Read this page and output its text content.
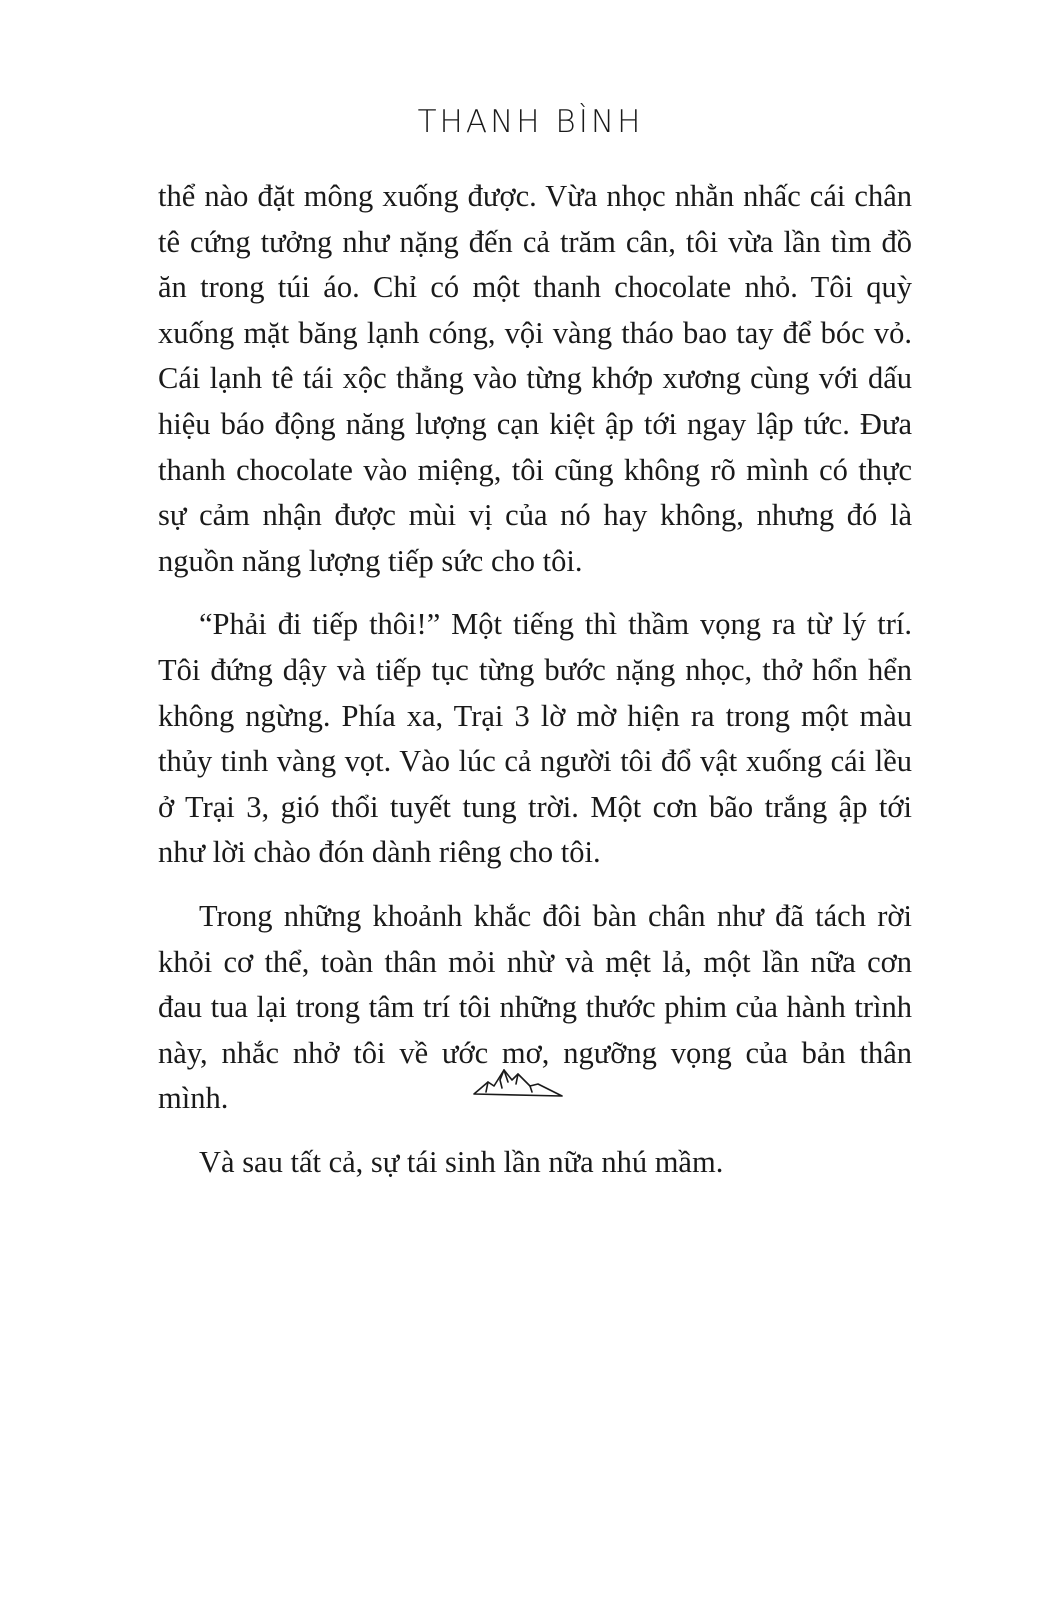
THANH BÌNH

thể nào đặt mông xuống được. Vừa nhọc nhằn nhấc cái chân tê cứng tưởng như nặng đến cả trăm cân, tôi vừa lần tìm đồ ăn trong túi áo. Chỉ có một thanh chocolate nhỏ. Tôi quỳ xuống mặt băng lạnh cóng, vội vàng tháo bao tay để bóc vỏ. Cái lạnh tê tái xộc thẳng vào từng khớp xương cùng với dấu hiệu báo động năng lượng cạn kiệt ập tới ngay lập tức. Đưa thanh chocolate vào miệng, tôi cũng không rõ mình có thực sự cảm nhận được mùi vị của nó hay không, nhưng đó là nguồn năng lượng tiếp sức cho tôi.

“Phải đi tiếp thôi!” Một tiếng thì thầm vọng ra từ lý trí. Tôi đứng dậy và tiếp tục từng bước nặng nhọc, thở hổn hển không ngừng. Phía xa, Trại 3 lờ mờ hiện ra trong một màu thủy tinh vàng vọt. Vào lúc cả người tôi đổ vật xuống cái lều ở Trại 3, gió thổi tuyết tung trời. Một cơn bão trắng ập tới như lời chào đón dành riêng cho tôi.

Trong những khoảnh khắc đôi bàn chân như đã tách rời khỏi cơ thể, toàn thân mỏi nhừ và mệt lả, một lần nữa cơn đau tua lại trong tâm trí tôi những thước phim của hành trình này, nhắc nhở tôi về ước mơ, ngưỡng vọng của bản thân mình.

Và sau tất cả, sự tái sinh lần nữa nhú mầm.
